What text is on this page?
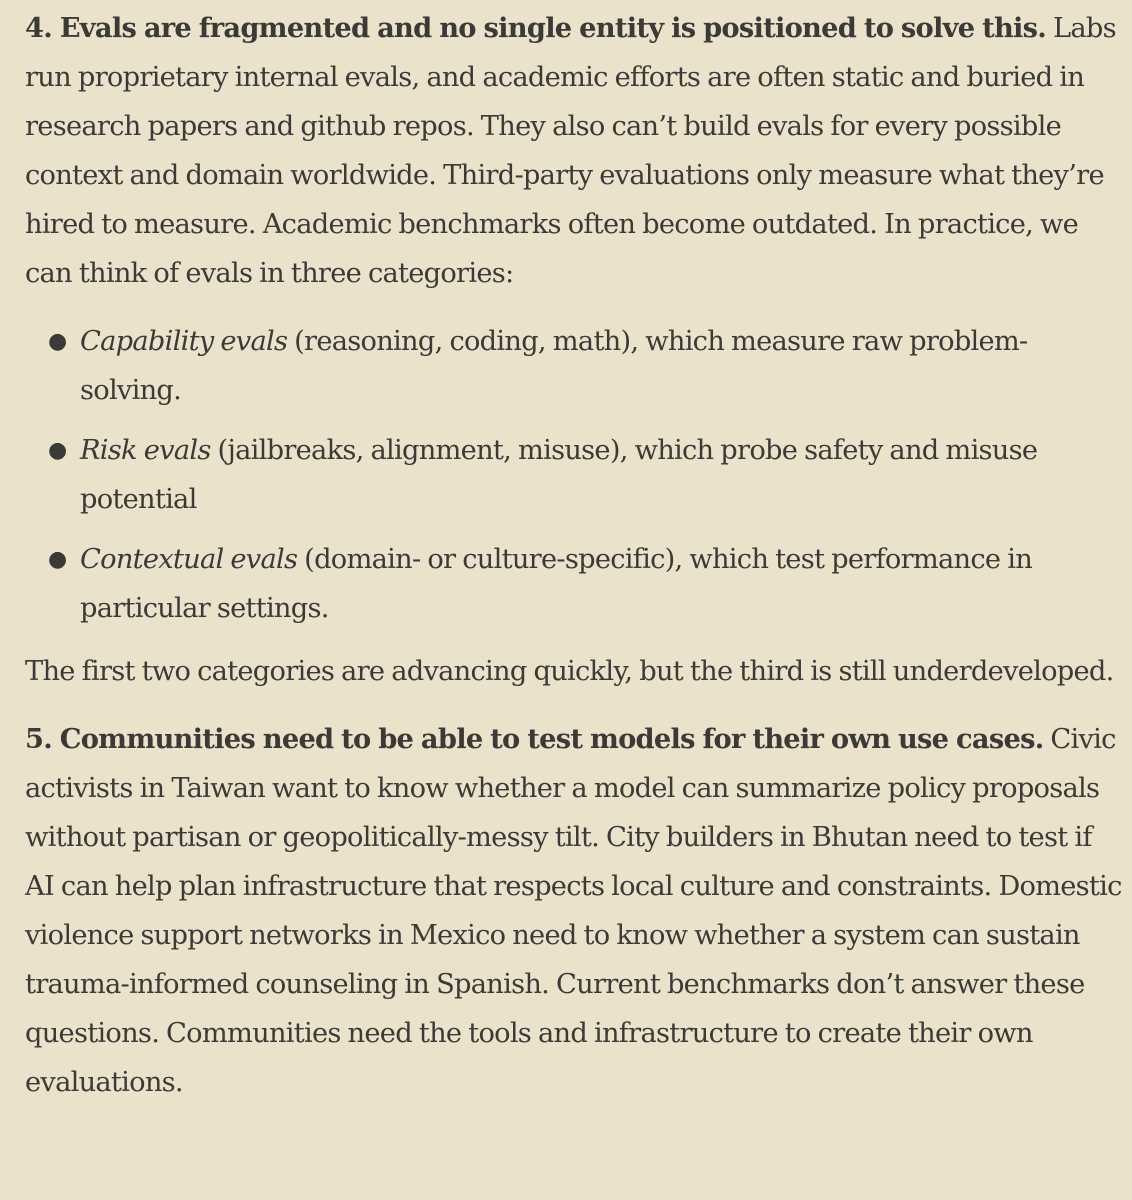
4. Evals are fragmented and no single entity is positioned to solve this. Labs run proprietary internal evals, and academic efforts are often static and buried in research papers and github repos. They also can’t build evals for every possible context and domain worldwide. Third-party evaluations only measure what they’re hired to measure. Academic benchmarks often become outdated. In practice, we can think of evals in three categories:

● Capability evals (reasoning, coding, math), which measure raw problem-solving.
● Risk evals (jailbreaks, alignment, misuse), which probe safety and misuse potential
● Contextual evals (domain- or culture-specific), which test performance in particular settings.

The first two categories are advancing quickly, but the third is still underdeveloped.

5. Communities need to be able to test models for their own use cases. Civic activists in Taiwan want to know whether a model can summarize policy proposals without partisan or geopolitically-messy tilt. City builders in Bhutan need to test if AI can help plan infrastructure that respects local culture and constraints. Domestic violence support networks in Mexico need to know whether a system can sustain trauma-informed counseling in Spanish. Current benchmarks don’t answer these questions. Communities need the tools and infrastructure to create their own evaluations.
